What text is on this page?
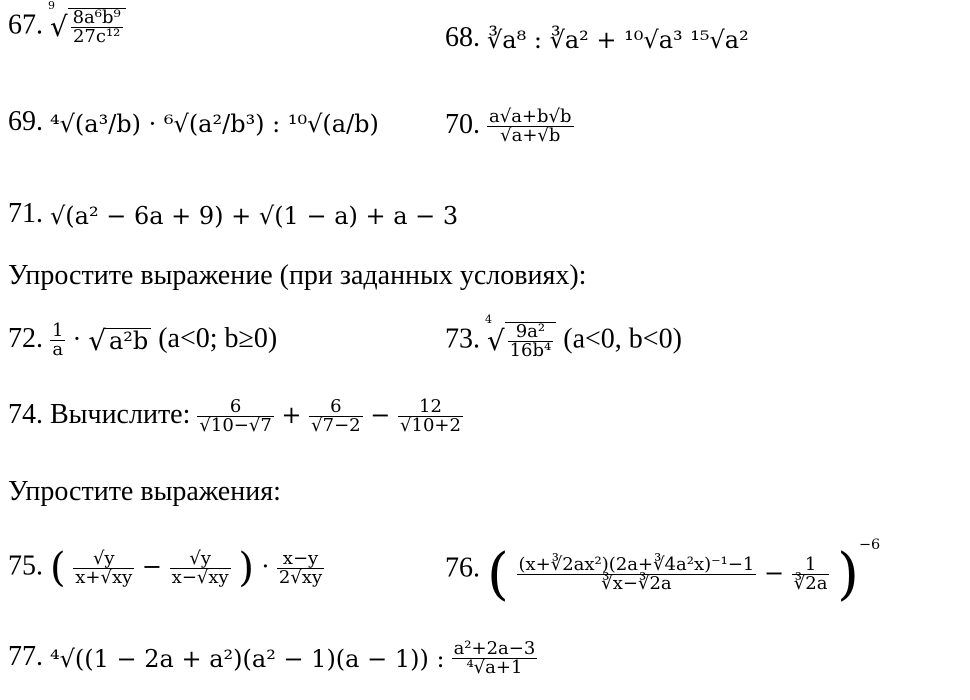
67.
9
√ $\frac{\text{8a⁶b⁹}}{\text{27c¹²}}$	68. ∛a⁸ : ∛a² + ¹⁰√a³ ¹⁵√a²
69. ⁴√(a³/b) · ⁶√(a²/b³) : ¹⁰√(a/b) 70. $\frac{a√a+b√b}{√a+√b}$
71. √(a² − 6a + 9) + √(1 − a) + a − 3
Упростите выражение (при заданных условиях):
72. $\frac{1}{a}$ · √ a²b (a<0; b≥0)	73.
4
√ $\frac{\text{9a²}}{\text{16b⁴}} (a<0$, b<0)
74. Вычислите: $\frac{6}{√10-√7} + \frac{6}{√7-2} - \frac{12}{√10+2}$
Упростите выражения:
75. ( $\frac{√y}{x+√xy} - \frac{√y}{x-√xy}$ ) · $\frac{x-y}{2√xy}$	76. ( $\frac{\text{(x+∛2ax²)(2a+∛4a²x)⁻¹−1}}{∛x-∛2a} - \frac{1}{∛2a} )^{-6}$
77. ⁴√((1 − 2a + a²)(a² − 1)(a − 1)) : $\frac{\text{a²+2a−3}}{\text{⁴√a+1}}$
